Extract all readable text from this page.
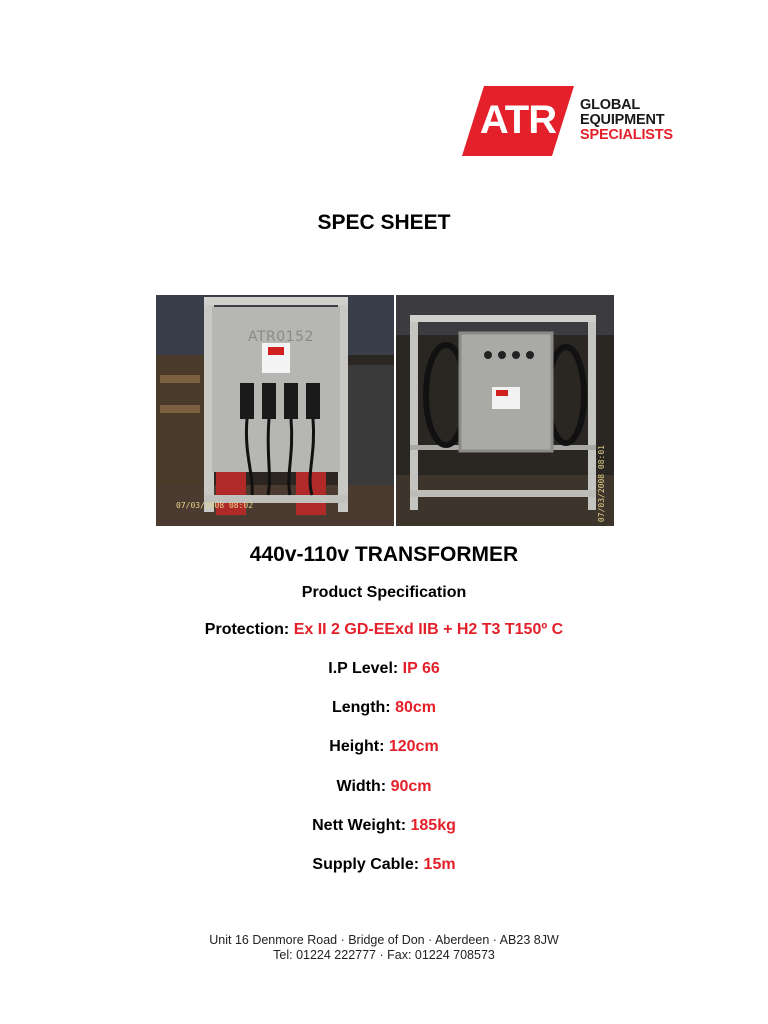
ATR GLOBAL
EQUIPMENT
SPECIALISTS
SPEC SHEET
ATR0152
07/03/2008 08:02	07/03/2008 08:01
440v-110v TRANSFORMER
Product Specification
Protection: Ex II 2 GD-EExd IIB + H2 T3 T150º C
I.P Level: IP 66
Length: 80cm
Height: 120cm
Width: 90cm
Nett Weight: 185kg
Supply Cable: 15m
Unit 16 Denmore Road · Bridge of Don · Aberdeen · AB23 8JW
Tel: 01224 222777 · Fax: 01224 708573
